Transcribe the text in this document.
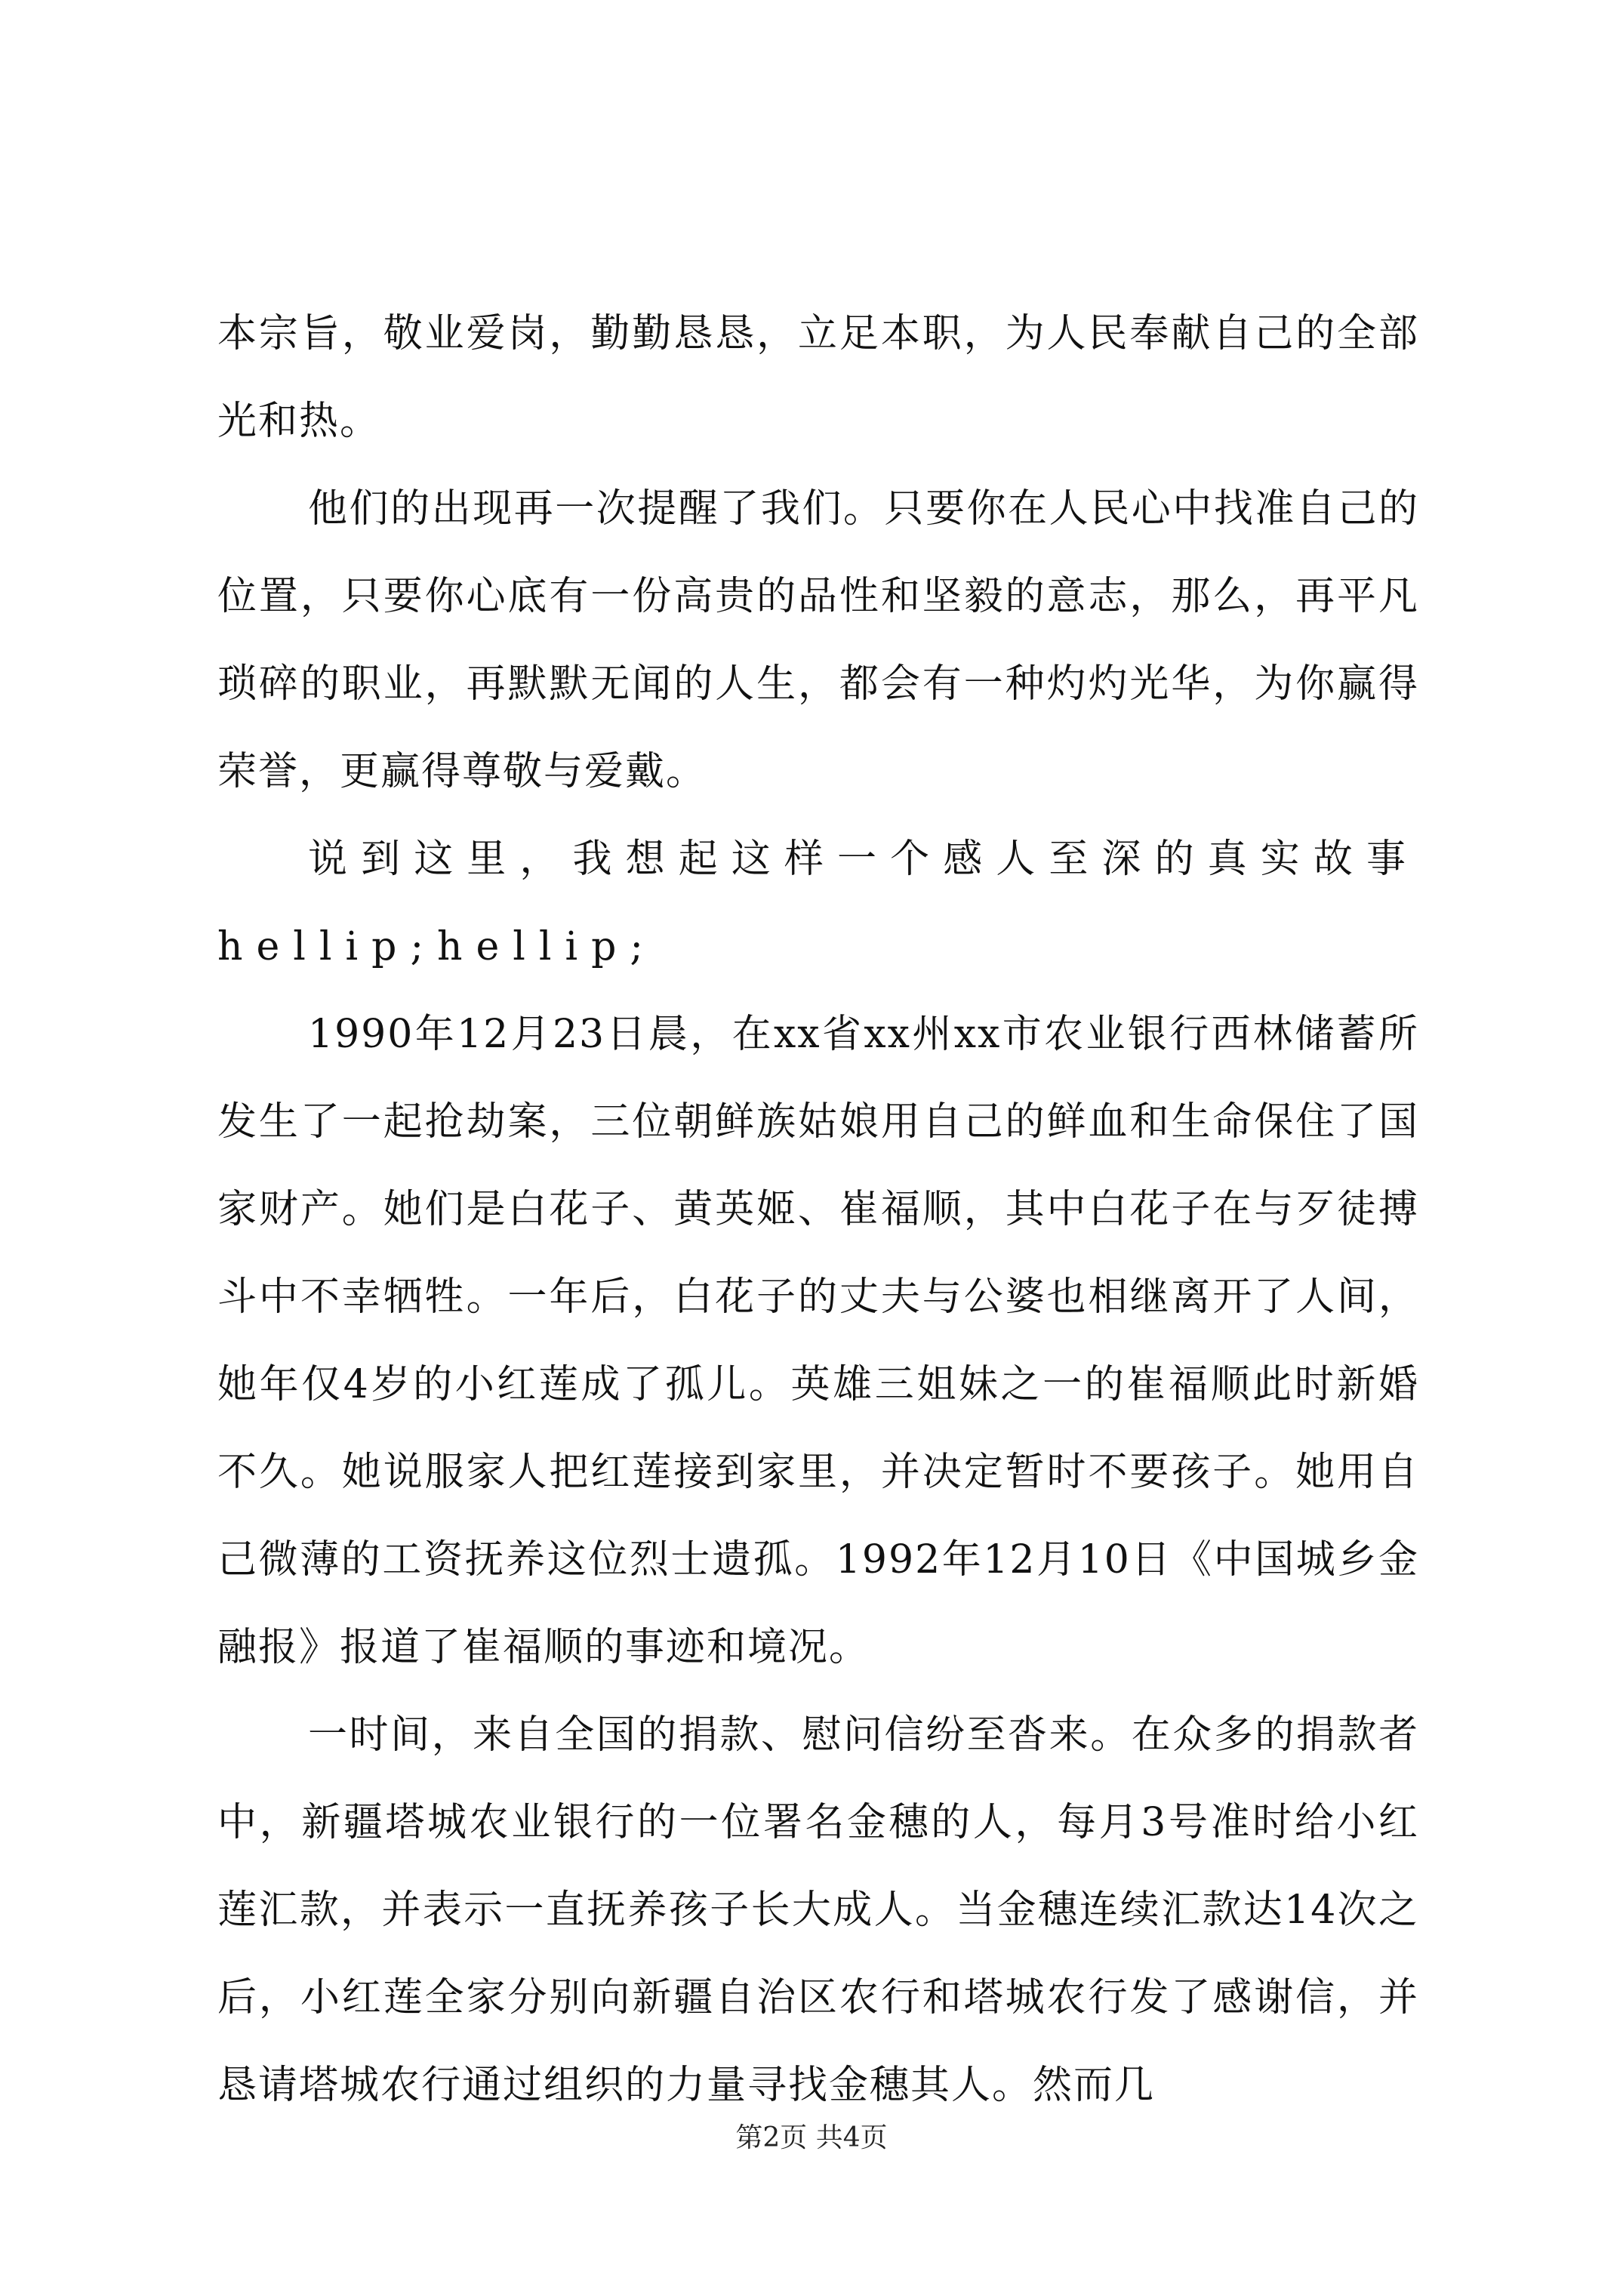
本宗旨，敬业爱岗，勤勤恳恳，立足本职，为人民奉献自己的全部光和热。

他们的出现再一次提醒了我们。只要你在人民心中找准自己的位置，只要你心底有一份高贵的品性和坚毅的意志，那么，再平凡琐碎的职业，再默默无闻的人生，都会有一种灼灼光华，为你赢得荣誉，更赢得尊敬与爱戴。

说到这里，我想起这样一个感人至深的真实故事hellip;hellip;

1990年12月23日晨，在xx省xx州xx市农业银行西林储蓄所发生了一起抢劫案，三位朝鲜族姑娘用自己的鲜血和生命保住了国家财产。她们是白花子、黄英姬、崔福顺，其中白花子在与歹徒搏斗中不幸牺牲。一年后，白花子的丈夫与公婆也相继离开了人间，她年仅4岁的小红莲成了孤儿。英雄三姐妹之一的崔福顺此时新婚不久。她说服家人把红莲接到家里，并决定暂时不要孩子。她用自己微薄的工资抚养这位烈士遗孤。1992年12月10日《中国城乡金融报》报道了崔福顺的事迹和境况。

一时间，来自全国的捐款、慰问信纷至沓来。在众多的捐款者中，新疆塔城农业银行的一位署名金穗的人，每月3号准时给小红莲汇款，并表示一直抚养孩子长大成人。当金穗连续汇款达14次之后，小红莲全家分别向新疆自治区农行和塔城农行发了感谢信，并恳请塔城农行通过组织的力量寻找金穗其人。然而几

第2页 共4页
